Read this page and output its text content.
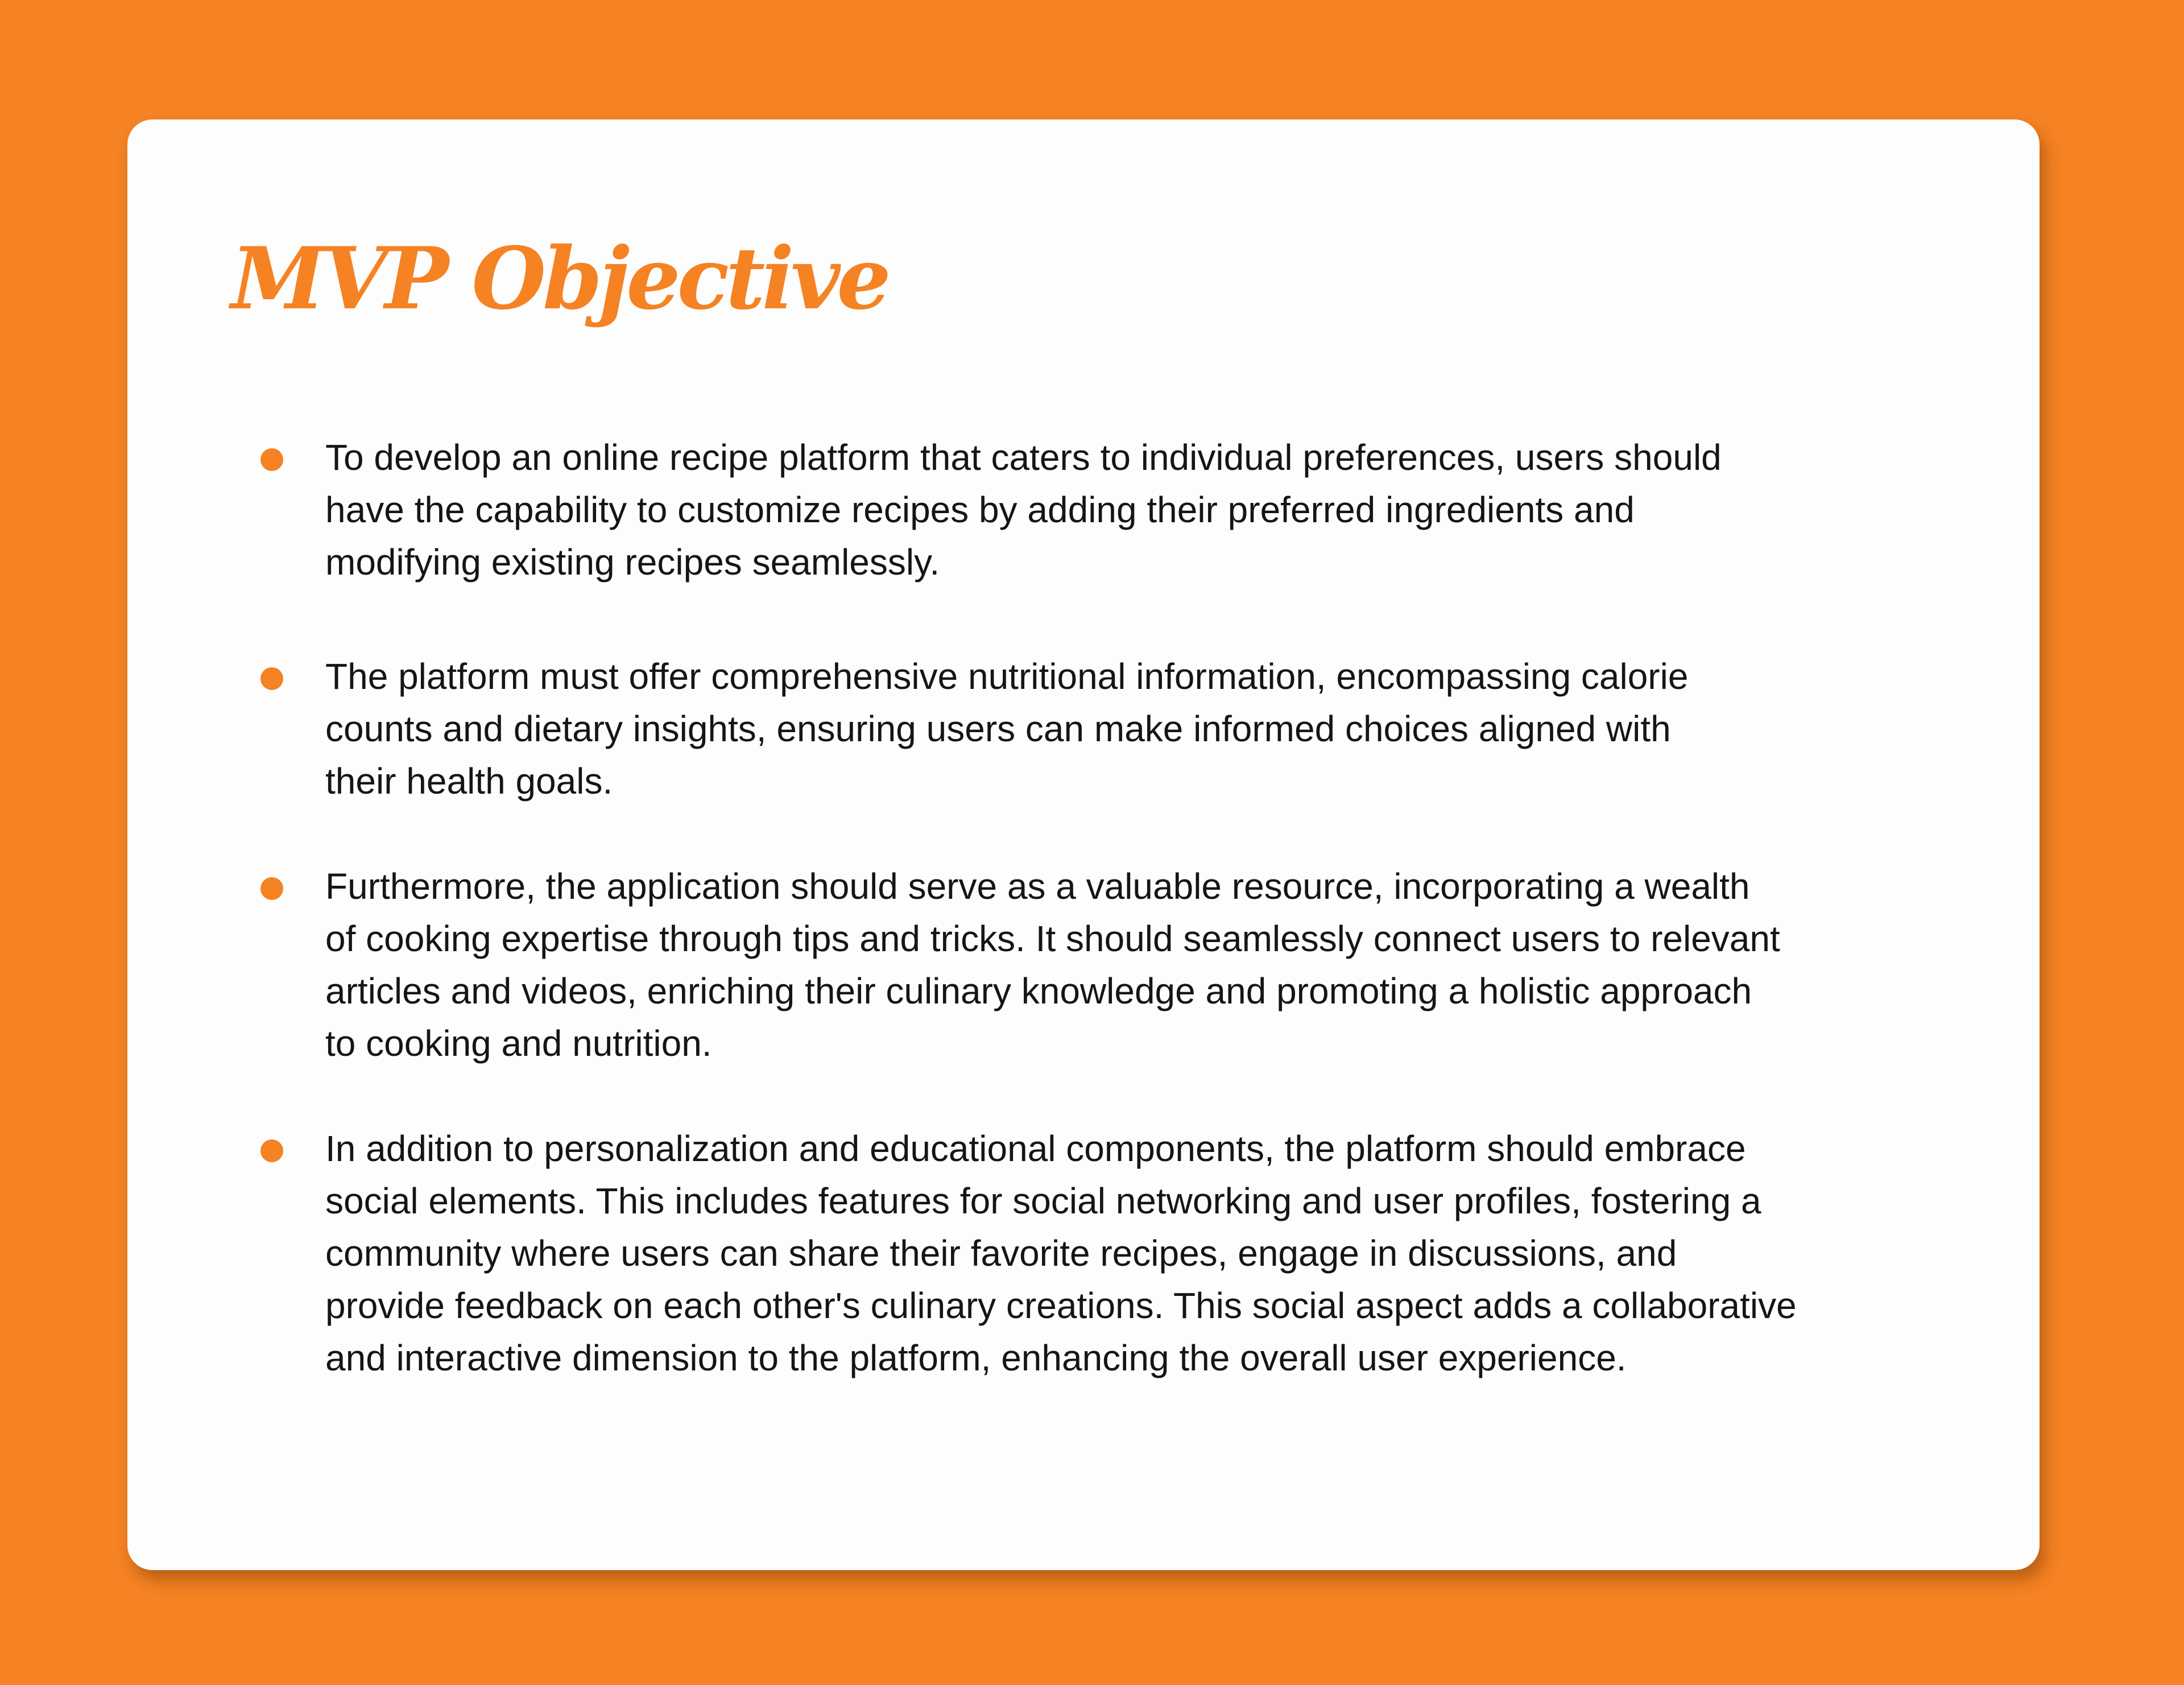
MVP Objective

To develop an online recipe platform that caters to individual preferences, users should
have the capability to customize recipes by adding their preferred ingredients and
modifying existing recipes seamlessly.

The platform must offer comprehensive nutritional information, encompassing calorie
counts and dietary insights, ensuring users can make informed choices aligned with
their health goals.

Furthermore, the application should serve as a valuable resource, incorporating a wealth
of cooking expertise through tips and tricks. It should seamlessly connect users to relevant
articles and videos, enriching their culinary knowledge and promoting a holistic approach
to cooking and nutrition.

In addition to personalization and educational components, the platform should embrace
social elements. This includes features for social networking and user profiles, fostering a
community where users can share their favorite recipes, engage in discussions, and
provide feedback on each other's culinary creations. This social aspect adds a collaborative
and interactive dimension to the platform, enhancing the overall user experience.
